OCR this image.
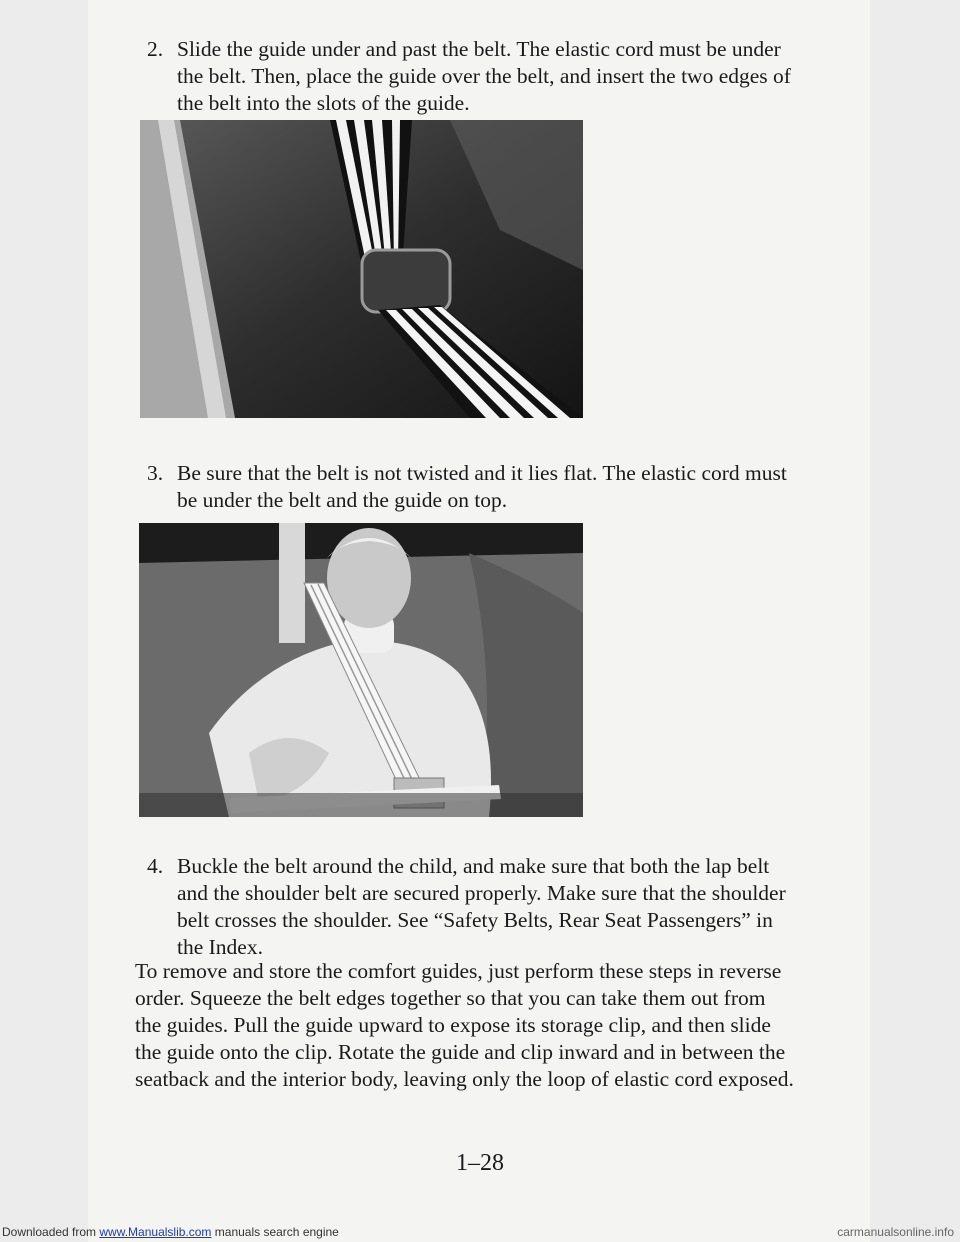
2. Slide the guide under and past the belt. The elastic cord must be under
the belt. Then, place the guide over the belt, and insert the two edges of
the belt into the slots of the guide.
3. Be sure that the belt is not twisted and it lies flat. The elastic cord must
be under the belt and the guide on top.
4. Buckle the belt around the child, and make sure that both the lap belt
and the shoulder belt are secured properly. Make sure that the shoulder
belt crosses the shoulder. See “Safety Belts, Rear Seat Passengers” in
the Index.
To remove and store the comfort guides, just perform these steps in reverse
order. Squeeze the belt edges together so that you can take them out from
the guides. Pull the guide upward to expose its storage clip, and then slide
the guide onto the clip. Rotate the guide and clip inward and in between the
seatback and the interior body, leaving only the loop of elastic cord exposed.
1–28
Downloaded from www.Manualslib.com manuals search engine	carmanualsonline.info
